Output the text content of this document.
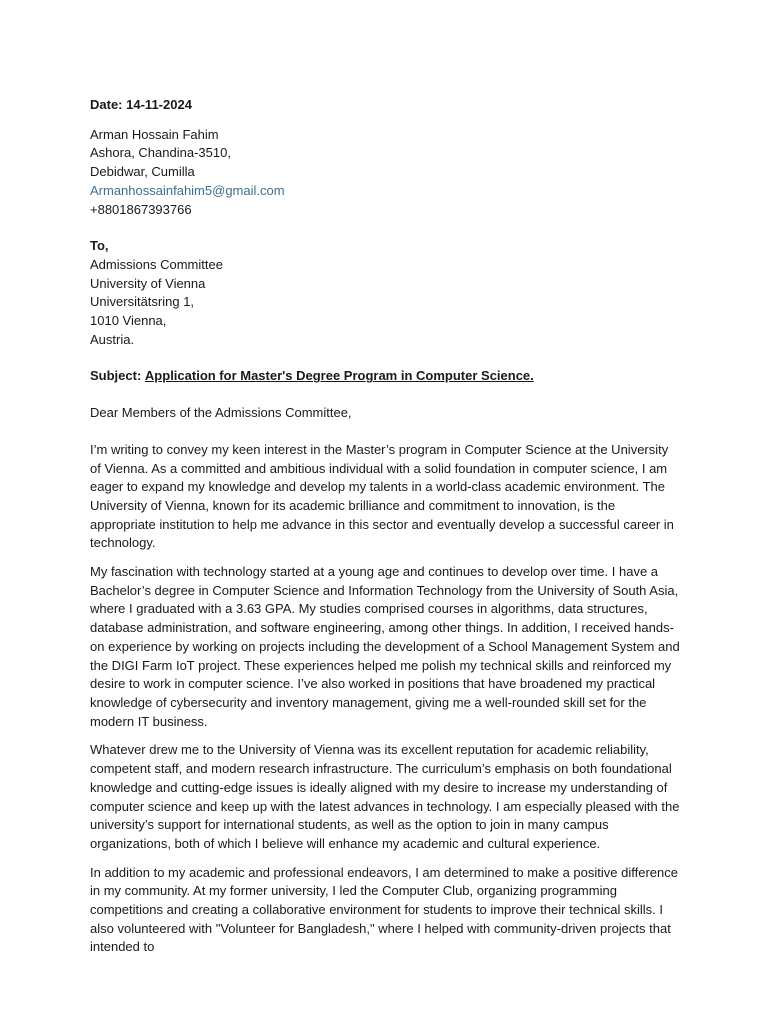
Date: 14-11-2024

Arman Hossain Fahim
Ashora, Chandina-3510,
Debidwar, Cumilla
Armanhossainfahim5@gmail.com
+8801867393766
To,
Admissions Committee
University of Vienna
Universitätsring 1,
1010 Vienna,
Austria.

Subject: Application for Master's Degree Program in Computer Science.

Dear Members of the Admissions Committee,

I’m writing to convey my keen interest in the Master’s program in Computer Science at the University of Vienna. As a committed and ambitious individual with a solid foundation in computer science, I am eager to expand my knowledge and develop my talents in a world-class academic environment. The University of Vienna, known for its academic brilliance and commitment to innovation, is the appropriate institution to help me advance in this sector and eventually develop a successful career in technology.

My fascination with technology started at a young age and continues to develop over time. I have a Bachelor’s degree in Computer Science and Information Technology from the University of South Asia, where I graduated with a 3.63 GPA. My studies comprised courses in algorithms, data structures, database administration, and software engineering, among other things. In addition, I received hands-on experience by working on projects including the development of a School Management System and the DIGI Farm IoT project. These experiences helped me polish my technical skills and reinforced my desire to work in computer science. I’ve also worked in positions that have broadened my practical knowledge of cybersecurity and inventory management, giving me a well-rounded skill set for the modern IT business.

Whatever drew me to the University of Vienna was its excellent reputation for academic reliability, competent staff, and modern research infrastructure. The curriculum’s emphasis on both foundational knowledge and cutting-edge issues is ideally aligned with my desire to increase my understanding of computer science and keep up with the latest advances in technology. I am especially pleased with the university’s support for international students, as well as the option to join in many campus organizations, both of which I believe will enhance my academic and cultural experience.

In addition to my academic and professional endeavors, I am determined to make a positive difference in my community. At my former university, I led the Computer Club, organizing programming competitions and creating a collaborative environment for students to improve their technical skills. I also volunteered with "Volunteer for Bangladesh," where I helped with community-driven projects that intended to
